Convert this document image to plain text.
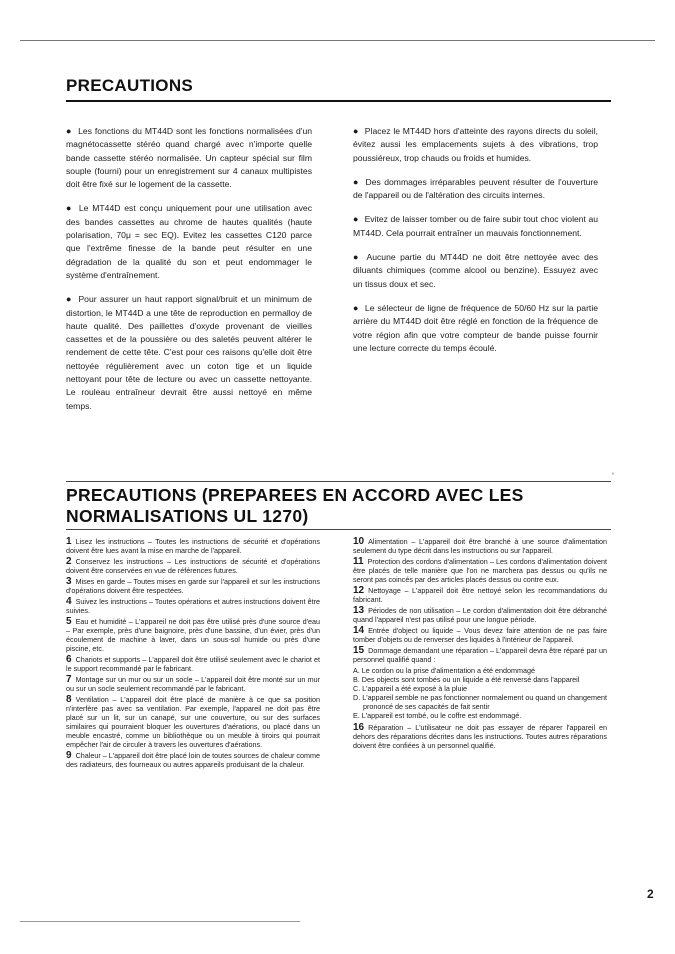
PRECAUTIONS

● Les fonctions du MT44D sont les fonctions normalisées d'un magnétocassette stéréo quand chargé avec n'importe quelle bande cassette stéréo normalisée. Un capteur spécial sur film souple (fourni) pour un enregistrement sur 4 canaux multipistes doit être fixé sur le logement de la cassette.

● Le MT44D est conçu uniquement pour une utilisation avec des bandes cassettes au chrome de hautes qualités (haute polarisation, 70μ = sec EQ). Evitez les cassettes C120 parce que l'extrême finesse de la bande peut résulter en une dégradation de la qualité du son et peut endommager le système d'entraînement.

● Pour assurer un haut rapport signal/bruit et un minimum de distortion, le MT44D a une tête de reproduction en permalloy de haute qualité. Des paillettes d'oxyde provenant de vieilles cassettes et de la poussière ou des saletés peuvent altérer le rendement de cette tête. C'est pour ces raisons qu'elle doit être nettoyée régulièrement avec un coton tige et un liquide nettoyant pour tête de lecture ou avec un cassette nettoyante. Le rouleau entraîneur devrait être aussi nettoyé en même temps.

● Placez le MT44D hors d'atteinte des rayons directs du soleil, évitez aussi les emplacements sujets à des vibrations, trop poussiéreux, trop chauds ou froids et humides.

● Des dommages irréparables peuvent résulter de l'ouverture de l'appareil ou de l'altération des circuits internes.

● Evitez de laisser tomber ou de faire subir tout choc violent au MT44D. Cela pourrait entraîner un mauvais fonctionnement.

● Aucune partie du MT44D ne doit être nettoyée avec des diluants chimiques (comme alcool ou benzine). Essuyez avec un tissus doux et sec.

● Le sélecteur de ligne de fréquence de 50/60 Hz sur la partie arrière du MT44D doit être réglé en fonction de la fréquence de votre région afin que votre compteur de bande puisse fournir une lecture correcte du temps écoulé.

‘
PRECAUTIONS (PREPAREES EN ACCORD AVEC LES
NORMALISATIONS UL 1270)

1 Lisez les instructions – Toutes les instructions de sécurité et d'opérations doivent être lues avant la mise en marche de l'appareil.

2 Conservez les instructions – Les instructions de sécurité et d'opérations doivent être conservées en vue de références futures.

3 Mises en garde – Toutes mises en garde sur l'appareil et sur les instructions d'opérations doivent être respectées.

4 Suivez les instructions – Toutes opérations et autres instructions doivent être suivies.

5 Eau et humidité – L'appareil ne doit pas être utilisé près d'une source d'eau – Par exemple, près d'une baignoire, près d'une bassine, d'un évier, près d'un écoulement de machine à laver, dans un sous-sol humide ou près d'une piscine, etc.

6 Chariots et supports – L'appareil doit être utilisé seulement avec le chariot et le support recommandé par le fabricant.

7 Montage sur un mur ou sur un socle – L'appareil doit être monté sur un mur ou sur un socle seulement recommandé par le fabricant.

8 Ventilation – L'appareil doit être placé de manière à ce que sa position n'interfère pas avec sa ventilation. Par exemple, l'appareil ne doit pas être placé sur un lit, sur un canapé, sur une couverture, ou sur des surfaces similaires qui pourraient bloquer les ouvertures d'aérations, ou placé dans un meuble encastré, comme un bibliothèque ou un meuble à tiroirs qui pourrait empêcher l'air de circuler à travers les ouvertures d'aérations.

9 Chaleur – L'appareil doit être placé loin de toutes sources de chaleur comme des radiateurs, des fourneaux ou autres appareils produisant de la chaleur.

10 Alimentation – L'appareil doit être branché à une source d'alimentation seulement du type décrit dans les instructions ou sur l'appareil.

11 Protection des cordons d'alimentation – Les cordons d'alimentation doivent être placés de telle manière que l'on ne marchera pas dessus ou qu'ils ne seront pas coincés par des articles placés dessus ou contre eux.

12 Nettoyage – L'appareil doit être nettoyé selon les recommandations du fabricant.

13 Périodes de non utilisation – Le cordon d'alimentation doit être débranché quand l'appareil n'est pas utilisé pour une longue période.

14 Entrée d'object ou liquide – Vous devez faire attention de ne pas faire tomber d'objets ou de renverser des liquides à l'intérieur de l'appareil.

15 Dommage demandant une réparation – L'appareil devra être réparé par un personnel qualifié quand :

A. Le cordon ou la prise d'alimentation a été endommagé

B. Des objects sont tombés ou un liquide a été renversé dans l'appareil

C. L'appareil a été exposé à la pluie

D. L'appareil semble ne pas fonctionner normalement ou quand un changement prononcé de ses capacités de fait sentir

E. L'appareil est tombé, ou le coffre est endommagé.

16 Réparation – L'utilisateur ne doit pas essayer de réparer l'appareil en dehors des réparations décrites dans les instructions. Toutes autres réparations doivent être confiées à un personnel qualifié.

2
